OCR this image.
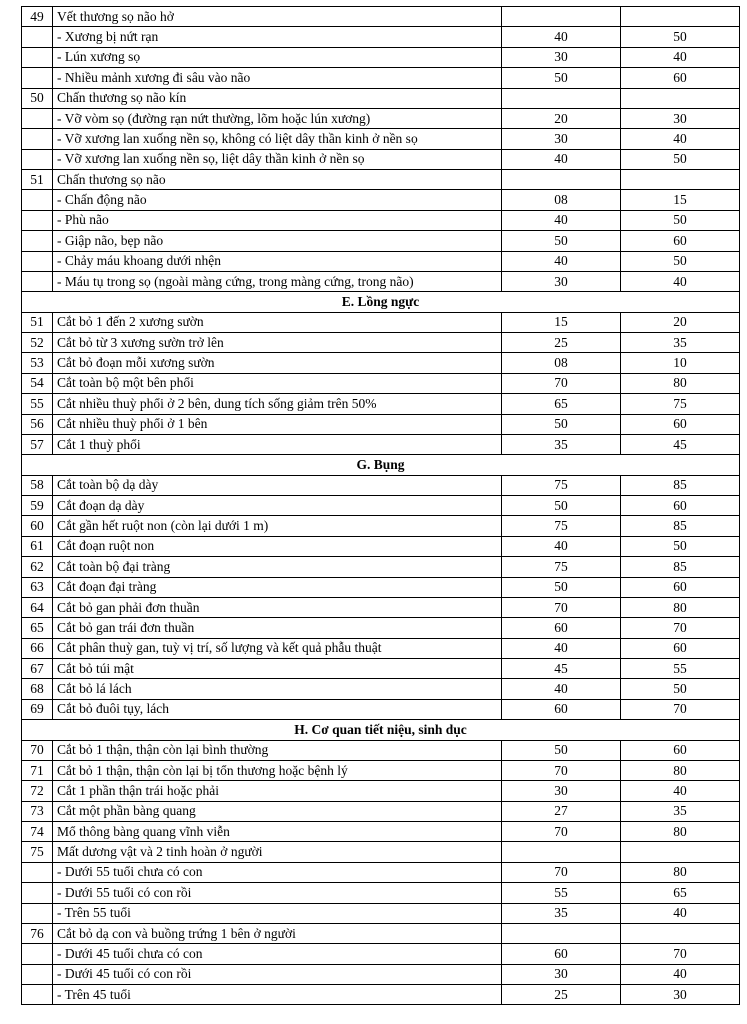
49	Vết thương sọ não hở		
	- Xương bị nứt rạn	40	50
	- Lún xương sọ	30	40
	- Nhiều mảnh xương đi sâu vào não	50	60
50	Chấn thương sọ não kín		
	- Vỡ vòm sọ (đường rạn nứt thường, lõm hoặc lún xương)	20	30
	- Vỡ xương lan xuống nền sọ, không có liệt dây thần kinh ở nền sọ	30	40
	- Vỡ xương lan xuống nền sọ, liệt dây thần kinh ở nền sọ	40	50
51	Chấn thương sọ não		
	- Chấn động não	08	15
	- Phù não	40	50
	- Giập não, bẹp não	50	60
	- Chảy máu khoang dưới nhện	40	50
	- Máu tụ trong sọ (ngoài màng cứng, trong màng cứng, trong não)	30	40
E. Lồng ngực			
51	Cắt bỏ 1 đến 2 xương sườn	15	20
52	Cắt bỏ từ 3 xương sườn trở lên	25	35
53	Cắt bỏ đoạn mỗi xương sườn	08	10
54	Cắt toàn bộ một bên phổi	70	80
55	Cắt nhiều thuỳ phổi ở 2 bên, dung tích sống giảm trên 50%	65	75
56	Cắt nhiều thuỳ phổi ở 1 bên	50	60
57	Cắt 1 thuỳ phổi	35	45
G. Bụng			
58	Cắt toàn bộ dạ dày	75	85
59	Cắt đoạn dạ dày	50	60
60	Cắt gần hết ruột non (còn lại dưới 1 m)	75	85
61	Cắt đoạn ruột non	40	50
62	Cắt toàn bộ đại tràng	75	85
63	Cắt đoạn đại tràng	50	60
64	Cắt bỏ gan phải đơn thuần	70	80
65	Cắt bỏ gan trái đơn thuần	60	70
66	Cắt phân thuỳ gan, tuỳ vị trí, số lượng và kết quả phẫu thuật	40	60
67	Cắt bỏ túi mật	45	55
68	Cắt bỏ lá lách	40	50
69	Cắt bỏ đuôi tụy, lách	60	70
H. Cơ quan tiết niệu, sinh dục			
70	Cắt bỏ 1 thận, thận còn lại bình thường	50	60
71	Cắt bỏ 1 thận, thận còn lại bị tổn thương hoặc bệnh lý	70	80
72	Cắt 1 phần thận trái hoặc phải	30	40
73	Cắt một phần bàng quang	27	35
74	Mổ thông bàng quang vĩnh viễn	70	80
75	Mất dương vật và 2 tinh hoàn ở người		
	- Dưới 55 tuổi chưa có con	70	80
	- Dưới 55 tuổi có con rồi	55	65
	- Trên 55 tuổi	35	40
76	Cắt bỏ dạ con và buồng trứng 1 bên ở người		
	- Dưới 45 tuổi chưa có con	60	70
	- Dưới 45 tuổi có con rồi	30	40
	- Trên 45 tuổi	25	30
